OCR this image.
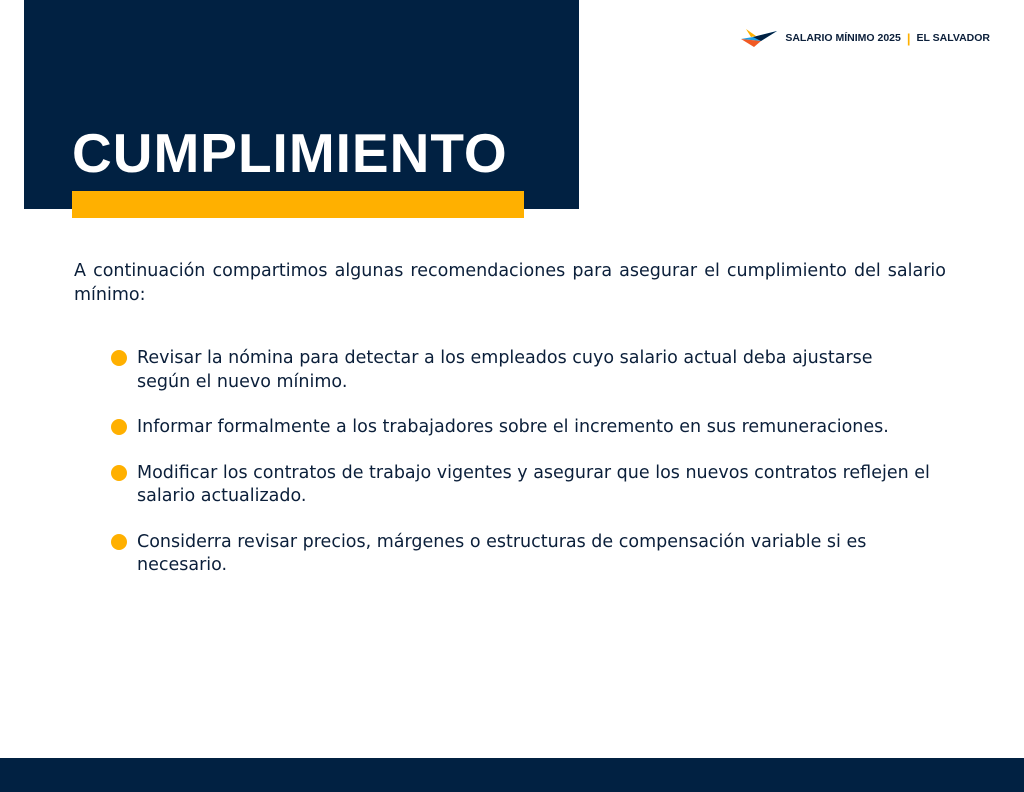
CUMPLIMIENTO
SALARIO MÍNIMO 2025 | EL SALVADOR

A continuación compartimos algunas recomendaciones para asegurar el cumplimiento del salario mínimo:

Revisar la nómina para detectar a los empleados cuyo salario actual deba ajustarse según el nuevo mínimo.
Informar formalmente a los trabajadores sobre el incremento en sus remuneraciones.
Modificar los contratos de trabajo vigentes y asegurar que los nuevos contratos reflejen el salario actualizado.
Considerra revisar precios, márgenes o estructuras de compensación variable si es necesario.
